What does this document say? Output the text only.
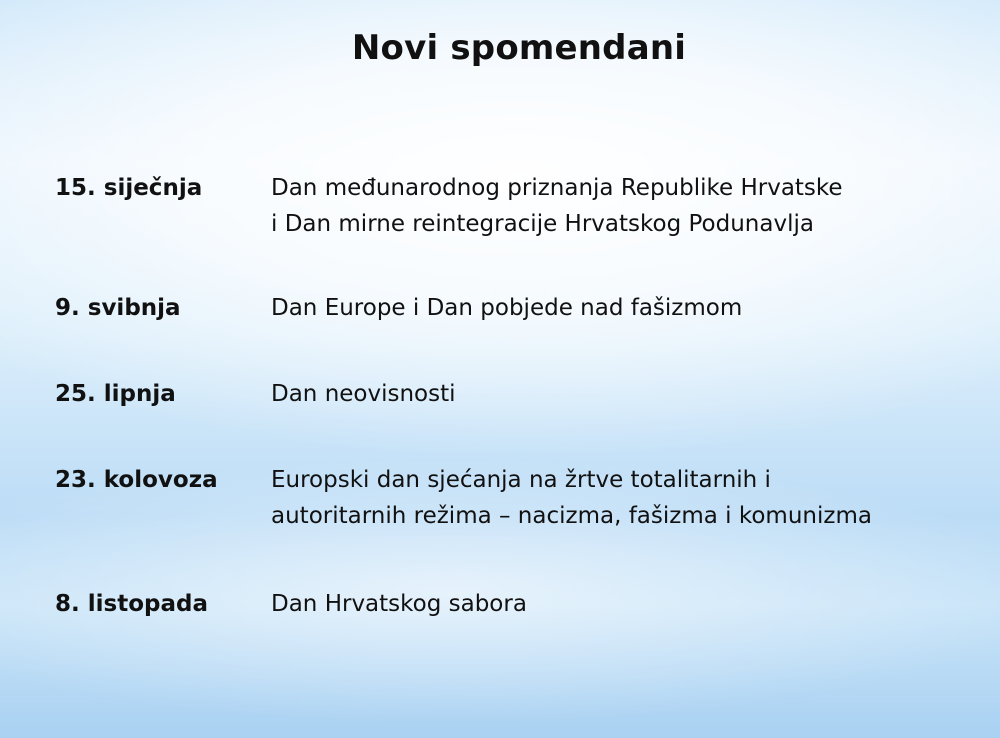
Novi spomendani
15. siječnja	Dan međunarodnog priznanja Republike Hrvatske
i Dan mirne reintegracije Hrvatskog Podunavlja
9. svibnja	Dan Europe i Dan pobjede nad fašizmom
25. lipnja	Dan neovisnosti
23. kolovoza	Europski dan sjećanja na žrtve totalitarnih i
autoritarnih režima – nacizma, fašizma i komunizma
8. listopada	Dan Hrvatskog sabora
